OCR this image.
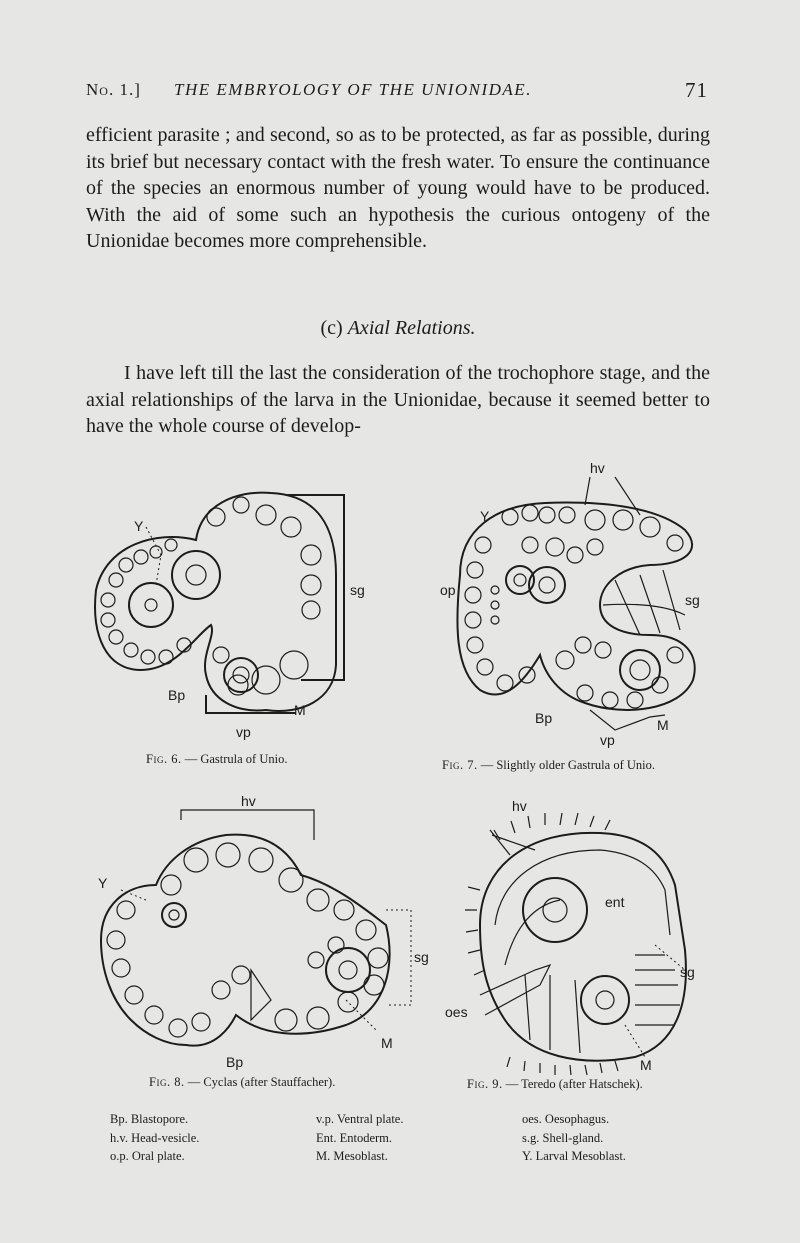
No. 1.] THE EMBRYOLOGY OF THE UNIONIDAE.	71
efficient parasite ; and second, so as to be protected, as far as possible, during its brief but necessary contact with the fresh water. To ensure the continuance of the species an enormous number of young would have to be produced. With the aid of some such an hypothesis the curious ontogeny of the Unionidae becomes more comprehensible.
(c) Axial Relations.
I have left till the last the consideration of the trochophore stage, and the axial relationships of the larva in the Unionidae, because it seemed better to have the whole course of develop-
Y
sg
Bp
M
vp
Fig. 6. — Gastrula of Unio.
hv
Y
op
sg
Bp
vp
M
Fig. 7. — Slightly older Gastrula of Unio.
hv
Y
sg
Bp
M
Fig. 8. — Cyclas (after Stauffacher).
hv
ent
sg
oes
M
Fig. 9. — Teredo (after Hatschek).
Bp. Blastopore.
h.v. Head-vesicle.
o.p. Oral plate.
v.p. Ventral plate.
Ent. Entoderm.
M. Mesoblast.
oes. Oesophagus.
s.g. Shell-gland.
Y. Larval Mesoblast.
